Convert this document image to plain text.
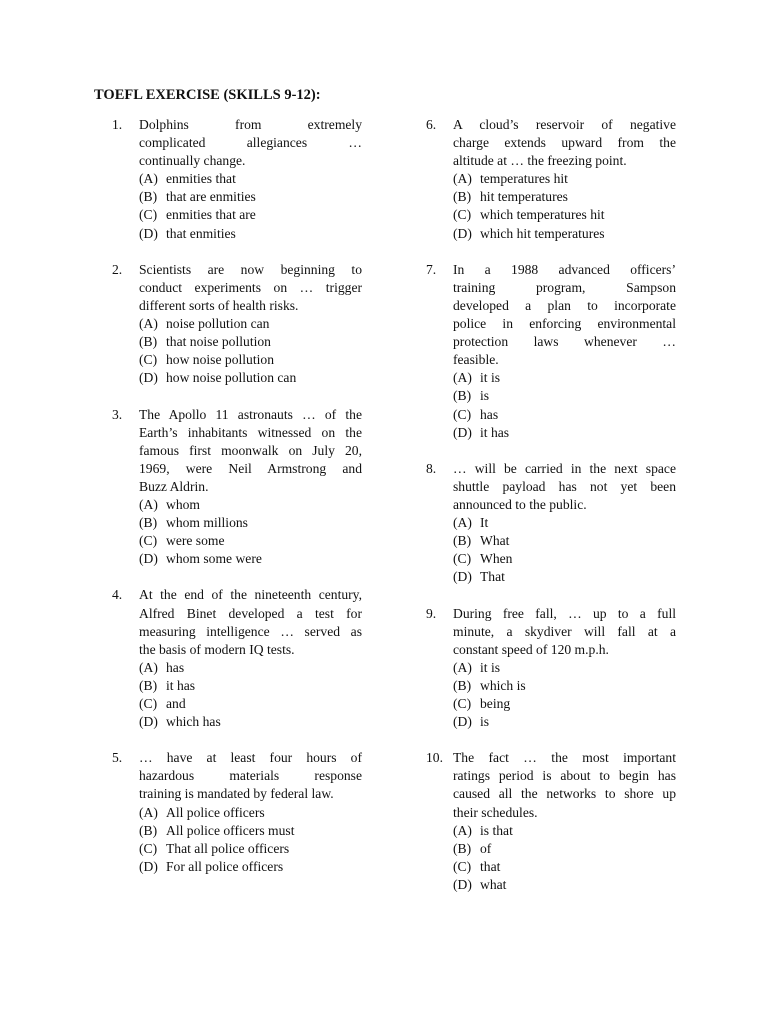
TOEFL EXERCISE (SKILLS 9-12):
1. Dolphins from extremely
complicated allegiances …
continually change.
(A) enmities that
(B) that are enmities
(C) enmities that are
(D) that enmities
2. Scientists are now beginning to
conduct experiments on … trigger
different sorts of health risks.
(A) noise pollution can
(B) that noise pollution
(C) how noise pollution
(D) how noise pollution can
3. The Apollo 11 astronauts … of the
Earth’s inhabitants witnessed on the
famous first moonwalk on July 20,
1969, were Neil Armstrong and
Buzz Aldrin.
(A) whom
(B) whom millions
(C) were some
(D) whom some were
4. At the end of the nineteenth century,
Alfred Binet developed a test for
measuring intelligence … served as
the basis of modern IQ tests.
(A) has
(B) it has
(C) and
(D) which has
5. … have at least four hours of
hazardous materials response
training is mandated by federal law.
(A) All police officers
(B) All police officers must
(C) That all police officers
(D) For all police officers
6. A cloud’s reservoir of negative
charge extends upward from the
altitude at … the freezing point.
(A) temperatures hit
(B) hit temperatures
(C) which temperatures hit
(D) which hit temperatures
7. In a 1988 advanced officers’
training program, Sampson
developed a plan to incorporate
police in enforcing environmental
protection laws whenever …
feasible.
(A) it is
(B) is
(C) has
(D) it has
8. … will be carried in the next space
shuttle payload has not yet been
announced to the public.
(A) It
(B) What
(C) When
(D) That
9. During free fall, … up to a full
minute, a skydiver will fall at a
constant speed of 120 m.p.h.
(A) it is
(B) which is
(C) being
(D) is
10. The fact … the most important
ratings period is about to begin has
caused all the networks to shore up
their schedules.
(A) is that
(B) of
(C) that
(D) what
